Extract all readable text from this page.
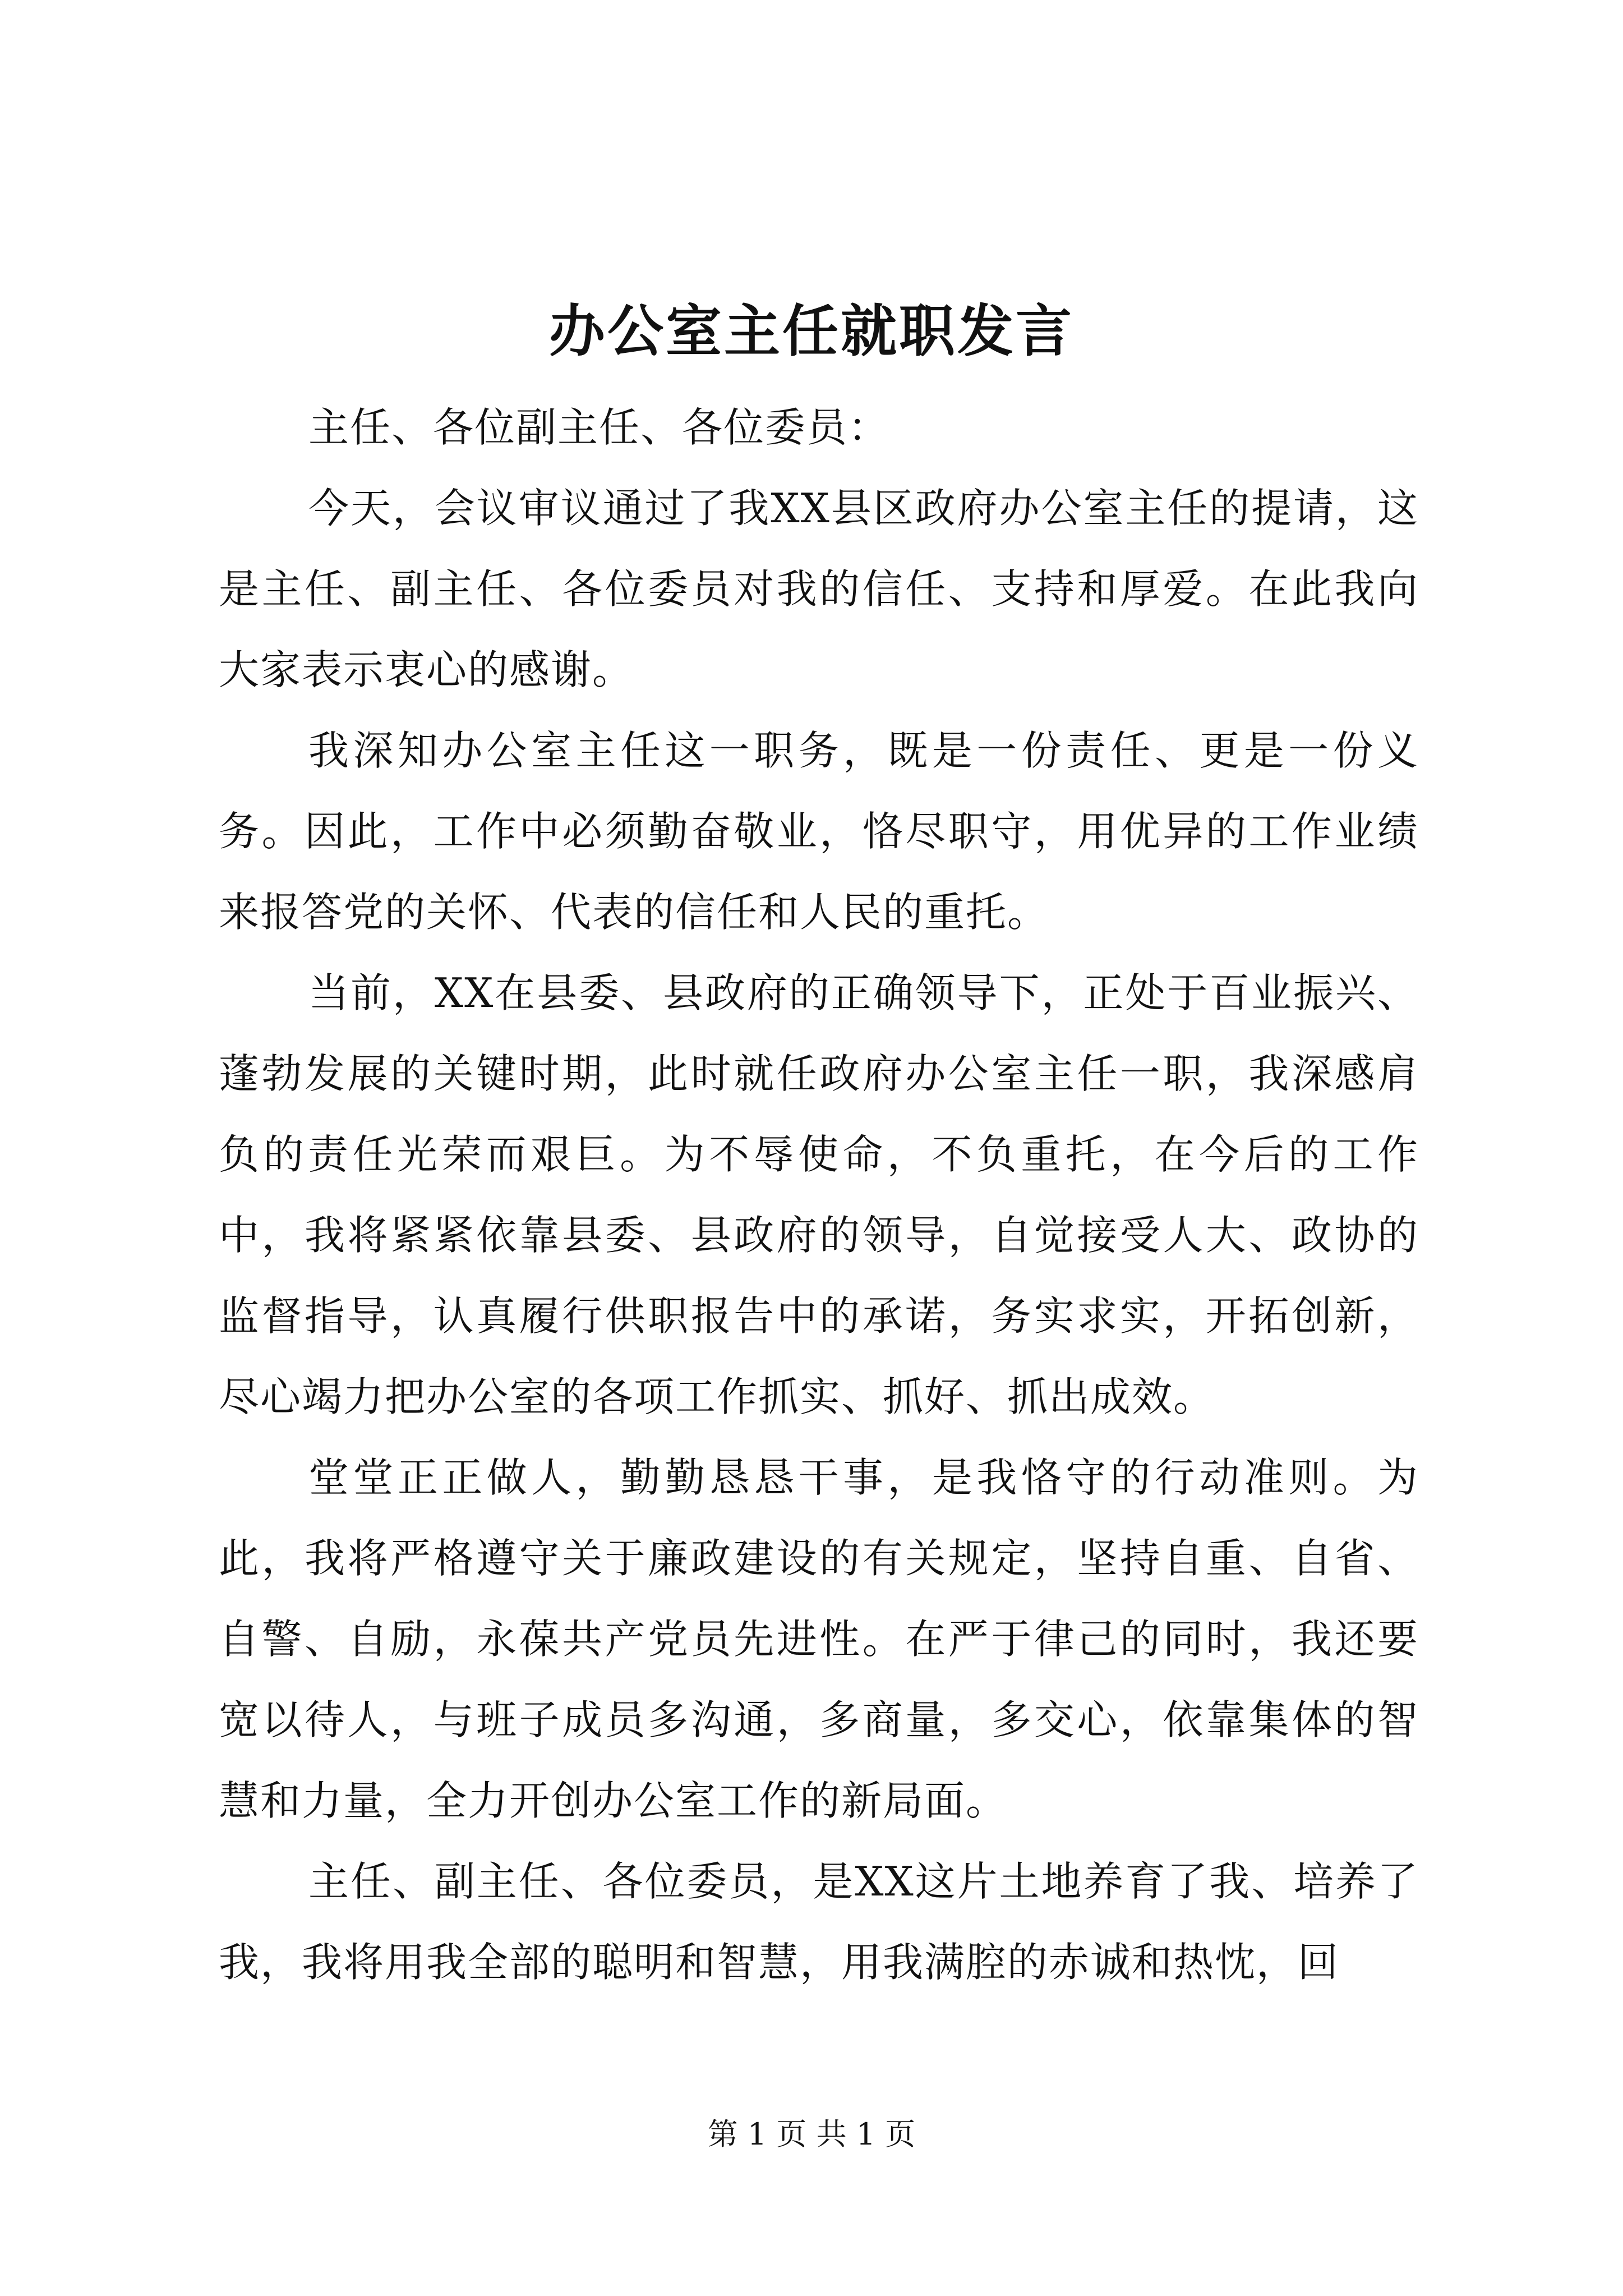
办公室主任就职发言

主任、各位副主任、各位委员：

今天，会议审议通过了我XX县区政府办公室主任的提请，这是主任、副主任、各位委员对我的信任、支持和厚爱。在此我向大家表示衷心的感谢。

我深知办公室主任这一职务，既是一份责任、更是一份义务。因此，工作中必须勤奋敬业，恪尽职守，用优异的工作业绩来报答党的关怀、代表的信任和人民的重托。

当前，XX在县委、县政府的正确领导下，正处于百业振兴、蓬勃发展的关键时期，此时就任政府办公室主任一职，我深感肩负的责任光荣而艰巨。为不辱使命，不负重托，在今后的工作中，我将紧紧依靠县委、县政府的领导，自觉接受人大、政协的监督指导，认真履行供职报告中的承诺，务实求实，开拓创新，尽心竭力把办公室的各项工作抓实、抓好、抓出成效。

堂堂正正做人，勤勤恳恳干事，是我恪守的行动准则。为此，我将严格遵守关于廉政建设的有关规定，坚持自重、自省、自警、自励，永葆共产党员先进性。在严于律己的同时，我还要宽以待人，与班子成员多沟通，多商量，多交心，依靠集体的智慧和力量，全力开创办公室工作的新局面。

主任、副主任、各位委员，是XX这片土地养育了我、培养了我，我将用我全部的聪明和智慧，用我满腔的赤诚和热忱，回

第 1 页 共 1 页
